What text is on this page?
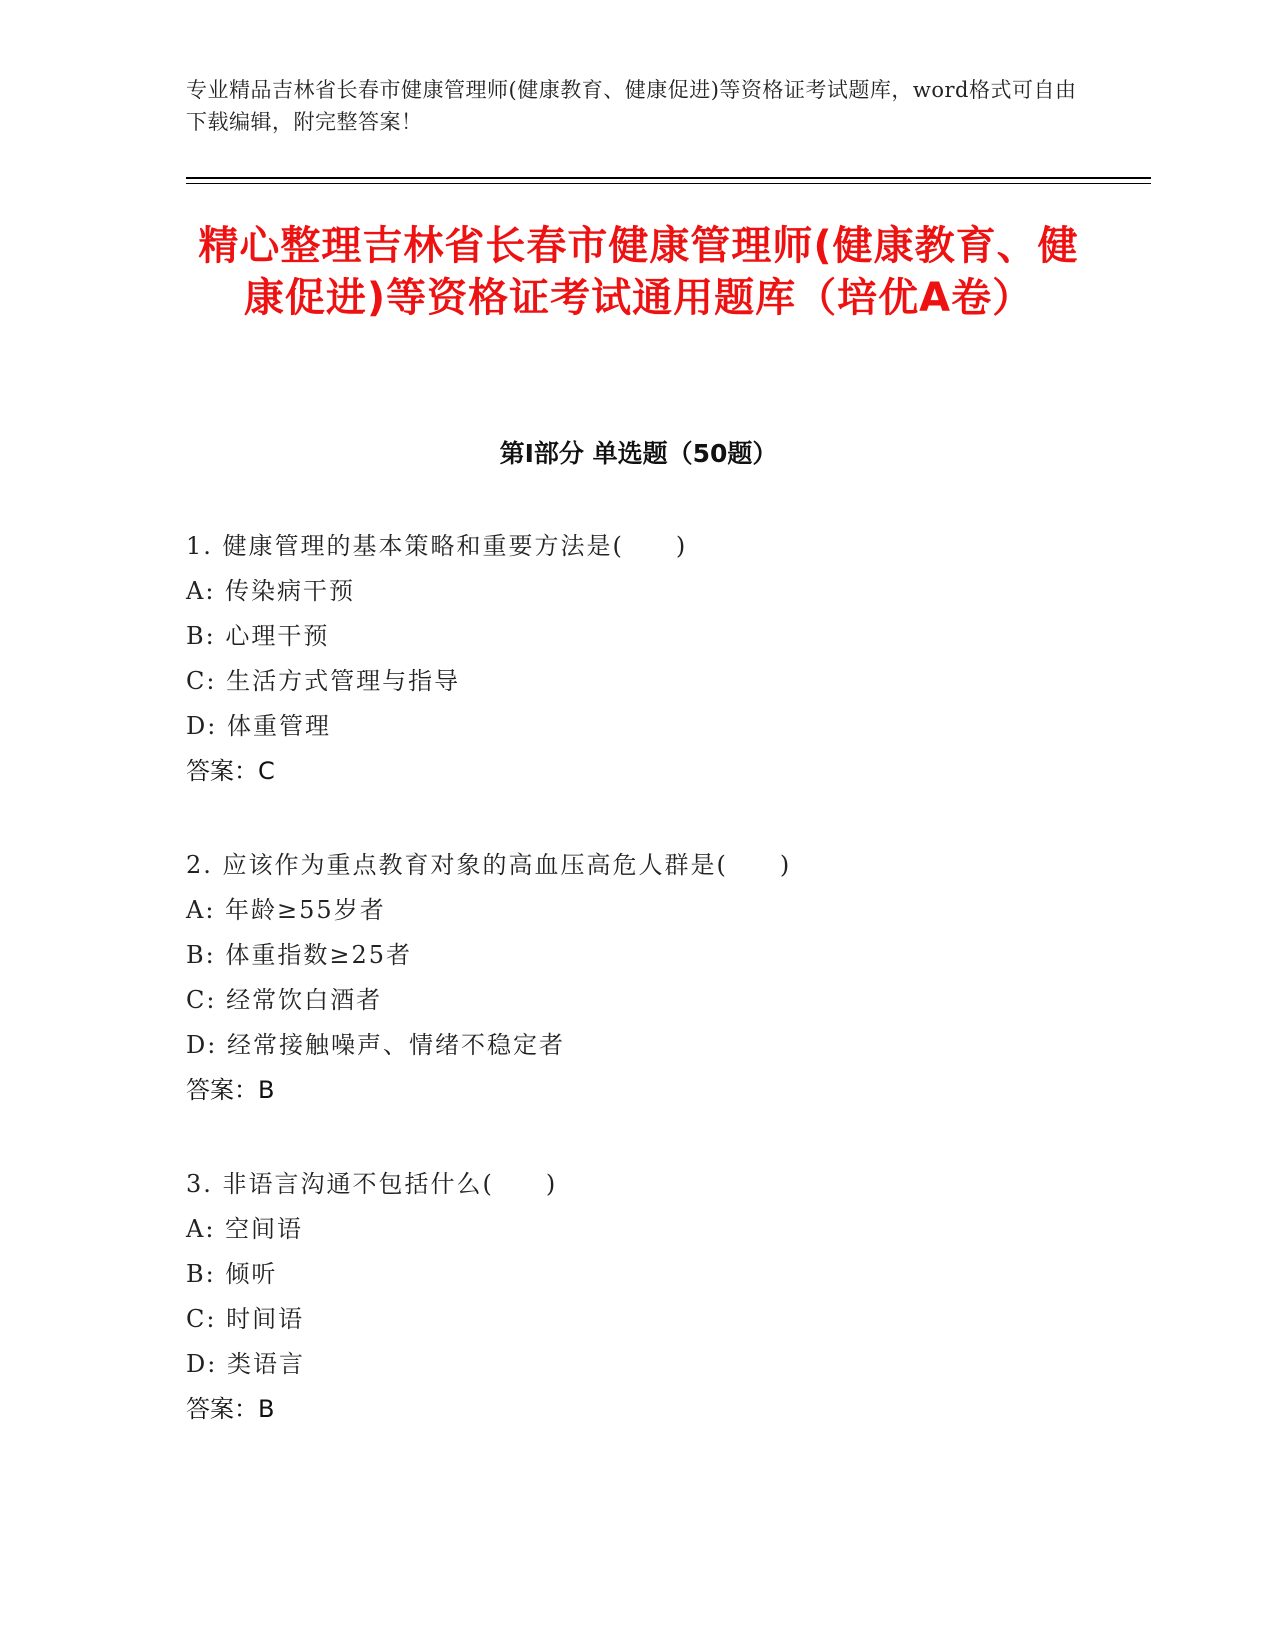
专业精品吉林省长春市健康管理师(健康教育、健康促进)等资格证考试题库，word格式可自由下载编辑，附完整答案！
精心整理吉林省长春市健康管理师(健康教育、健康促进)等资格证考试通用题库（培优A卷）
第I部分 单选题（50题）
1. 健康管理的基本策略和重要方法是(　　)
A: 传染病干预
B: 心理干预
C: 生活方式管理与指导
D: 体重管理
答案：C
2. 应该作为重点教育对象的高血压高危人群是(　　)
A: 年龄≥55岁者
B: 体重指数≥25者
C: 经常饮白酒者
D: 经常接触噪声、情绪不稳定者
答案：B
3. 非语言沟通不包括什么(　　)
A: 空间语
B: 倾听
C: 时间语
D: 类语言
答案：B
